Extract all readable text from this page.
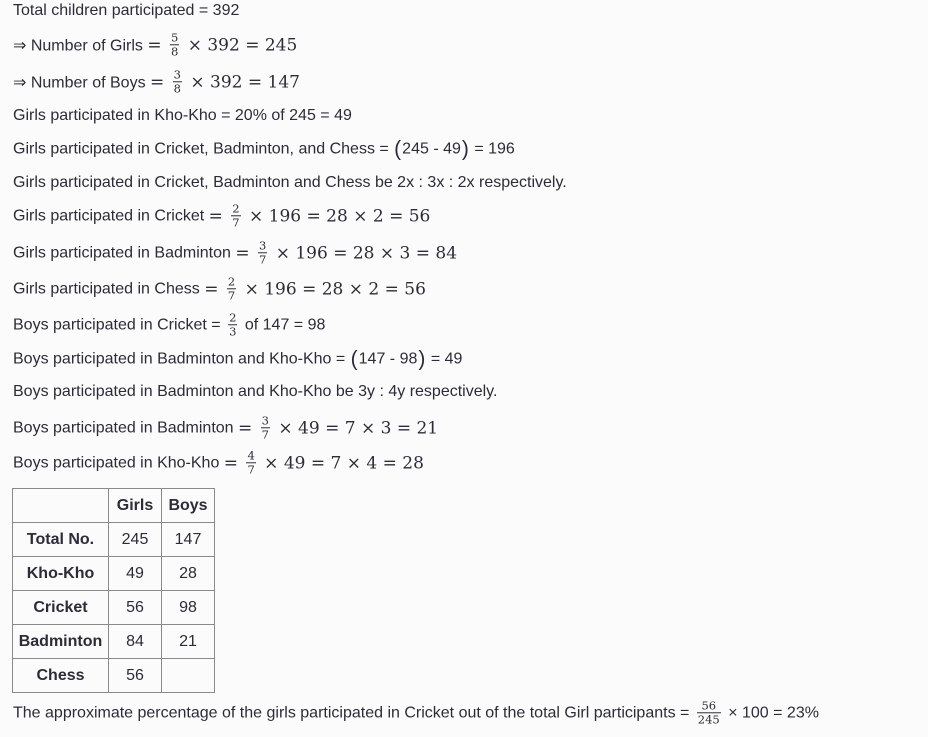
Total children participated = 392
⇒ Number of Girls = $\frac{5}{8} \times 392 = 245$
⇒ Number of Boys = $\frac{3}{8} \times 392 = 147$
Girls participated in Kho-Kho = 20% of 245 = 49
Girls participated in Cricket, Badminton, and Chess = ( 245 - 49 ) = 196
Girls participated in Cricket, Badminton and Chess be 2x : 3x : 2x respectively.
Girls participated in Cricket = $\frac{2}{7} \times 196 = 28 \times 2 = 56$
Girls participated in Badminton = $\frac{3}{7} \times 196 = 28 \times 3 = 84$
Girls participated in Chess = $\frac{2}{7} \times 196 = 28 \times 2 = 56$
Boys participated in Cricket = $\frac{2}{3}$ of 147 = 98
Boys participated in Badminton and Kho-Kho = ( 147 - 98 ) = 49
Boys participated in Badminton and Kho-Kho be 3y : 4y respectively.
Boys participated in Badminton = $\frac{3}{7} \times 49 = 7 \times 3 = 21$
Boys participated in $Kho-Kho = \frac{4}{7} \times 49 = 7 \times 4 = 28$
	Girls	Boys
Total No.	245	147
Kho-Kho	49	28
Cricket	56	98
Badminton	84	21
Chess	56	
The approximate percentage of the girls participated in Cricket out of the total Girl participants = $\frac{56}{245} \times 100 = 23\%$
